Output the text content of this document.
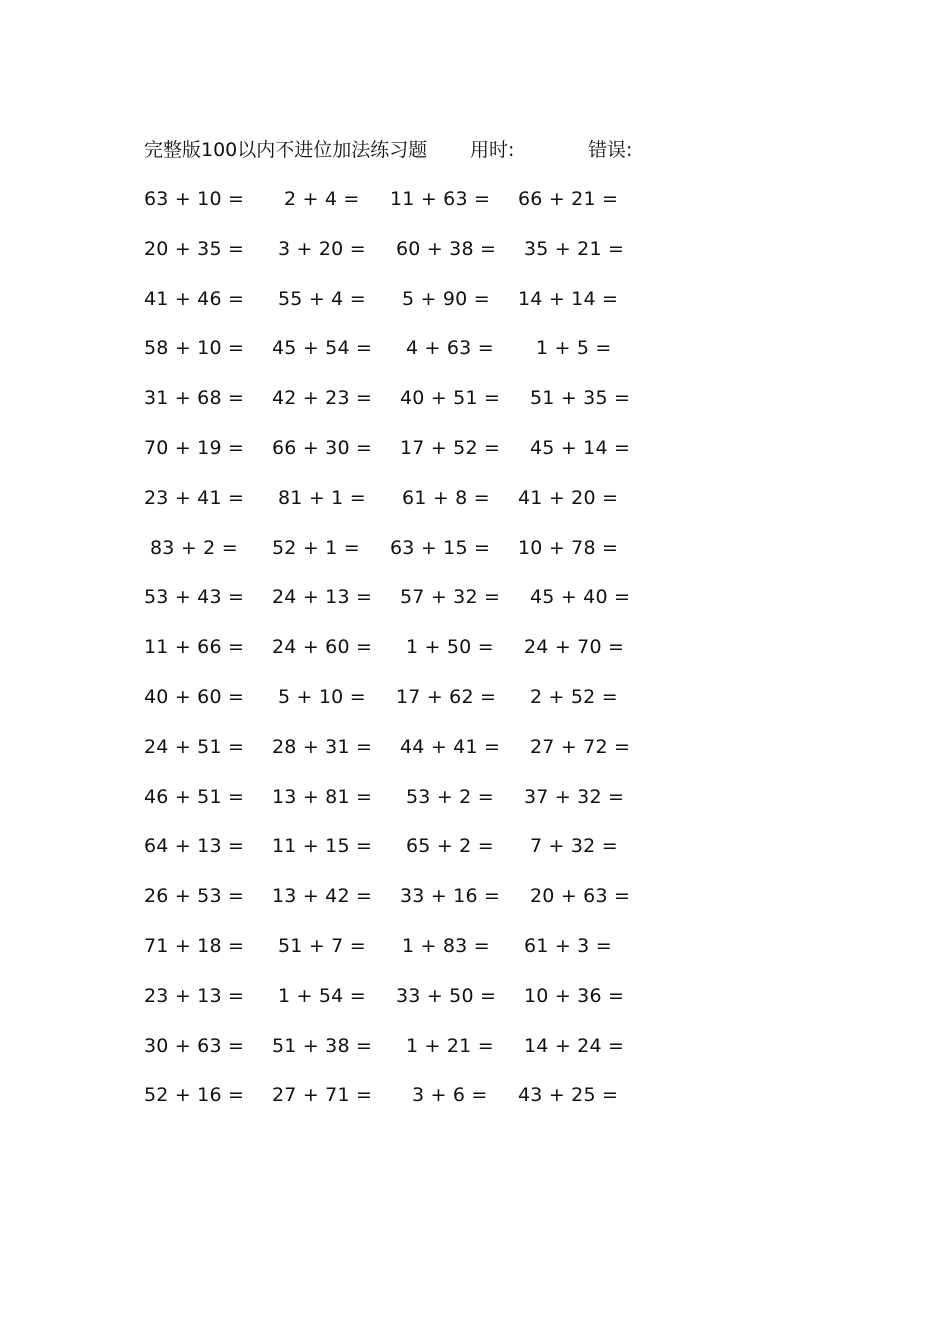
完整版100以内不进位加法练习题 用时:	错误:
63 + 10 = 2 + 4 = 11 + 63 = 66 + 21 =
20 + 35 = 3 + 20 = 60 + 38 = 35 + 21 =
41 + 46 = 55 + 4 = 5 + 90 = 14 + 14 =
58 + 10 = 45 + 54 = 4 + 63 = 1 + 5 =
31 + 68 = 42 + 23 = 40 + 51 = 51 + 35 =
70 + 19 = 66 + 30 = 17 + 52 = 45 + 14 =
23 + 41 = 81 + 1 = 61 + 8 = 41 + 20 =
83 + 2 = 52 + 1 = 63 + 15 = 10 + 78 =
53 + 43 = 24 + 13 = 57 + 32 = 45 + 40 =
11 + 66 = 24 + 60 = 1 + 50 = 24 + 70 =
40 + 60 = 5 + 10 = 17 + 62 = 2 + 52 =
24 + 51 = 28 + 31 = 44 + 41 = 27 + 72 =
46 + 51 = 13 + 81 = 53 + 2 = 37 + 32 =
64 + 13 = 11 + 15 = 65 + 2 = 7 + 32 =
26 + 53 = 13 + 42 = 33 + 16 = 20 + 63 =
71 + 18 = 51 + 7 = 1 + 83 = 61 + 3 =
23 + 13 = 1 + 54 = 33 + 50 = 10 + 36 =
30 + 63 = 51 + 38 = 1 + 21 = 14 + 24 =
52 + 16 = 27 + 71 = 3 + 6 = 43 + 25 =
